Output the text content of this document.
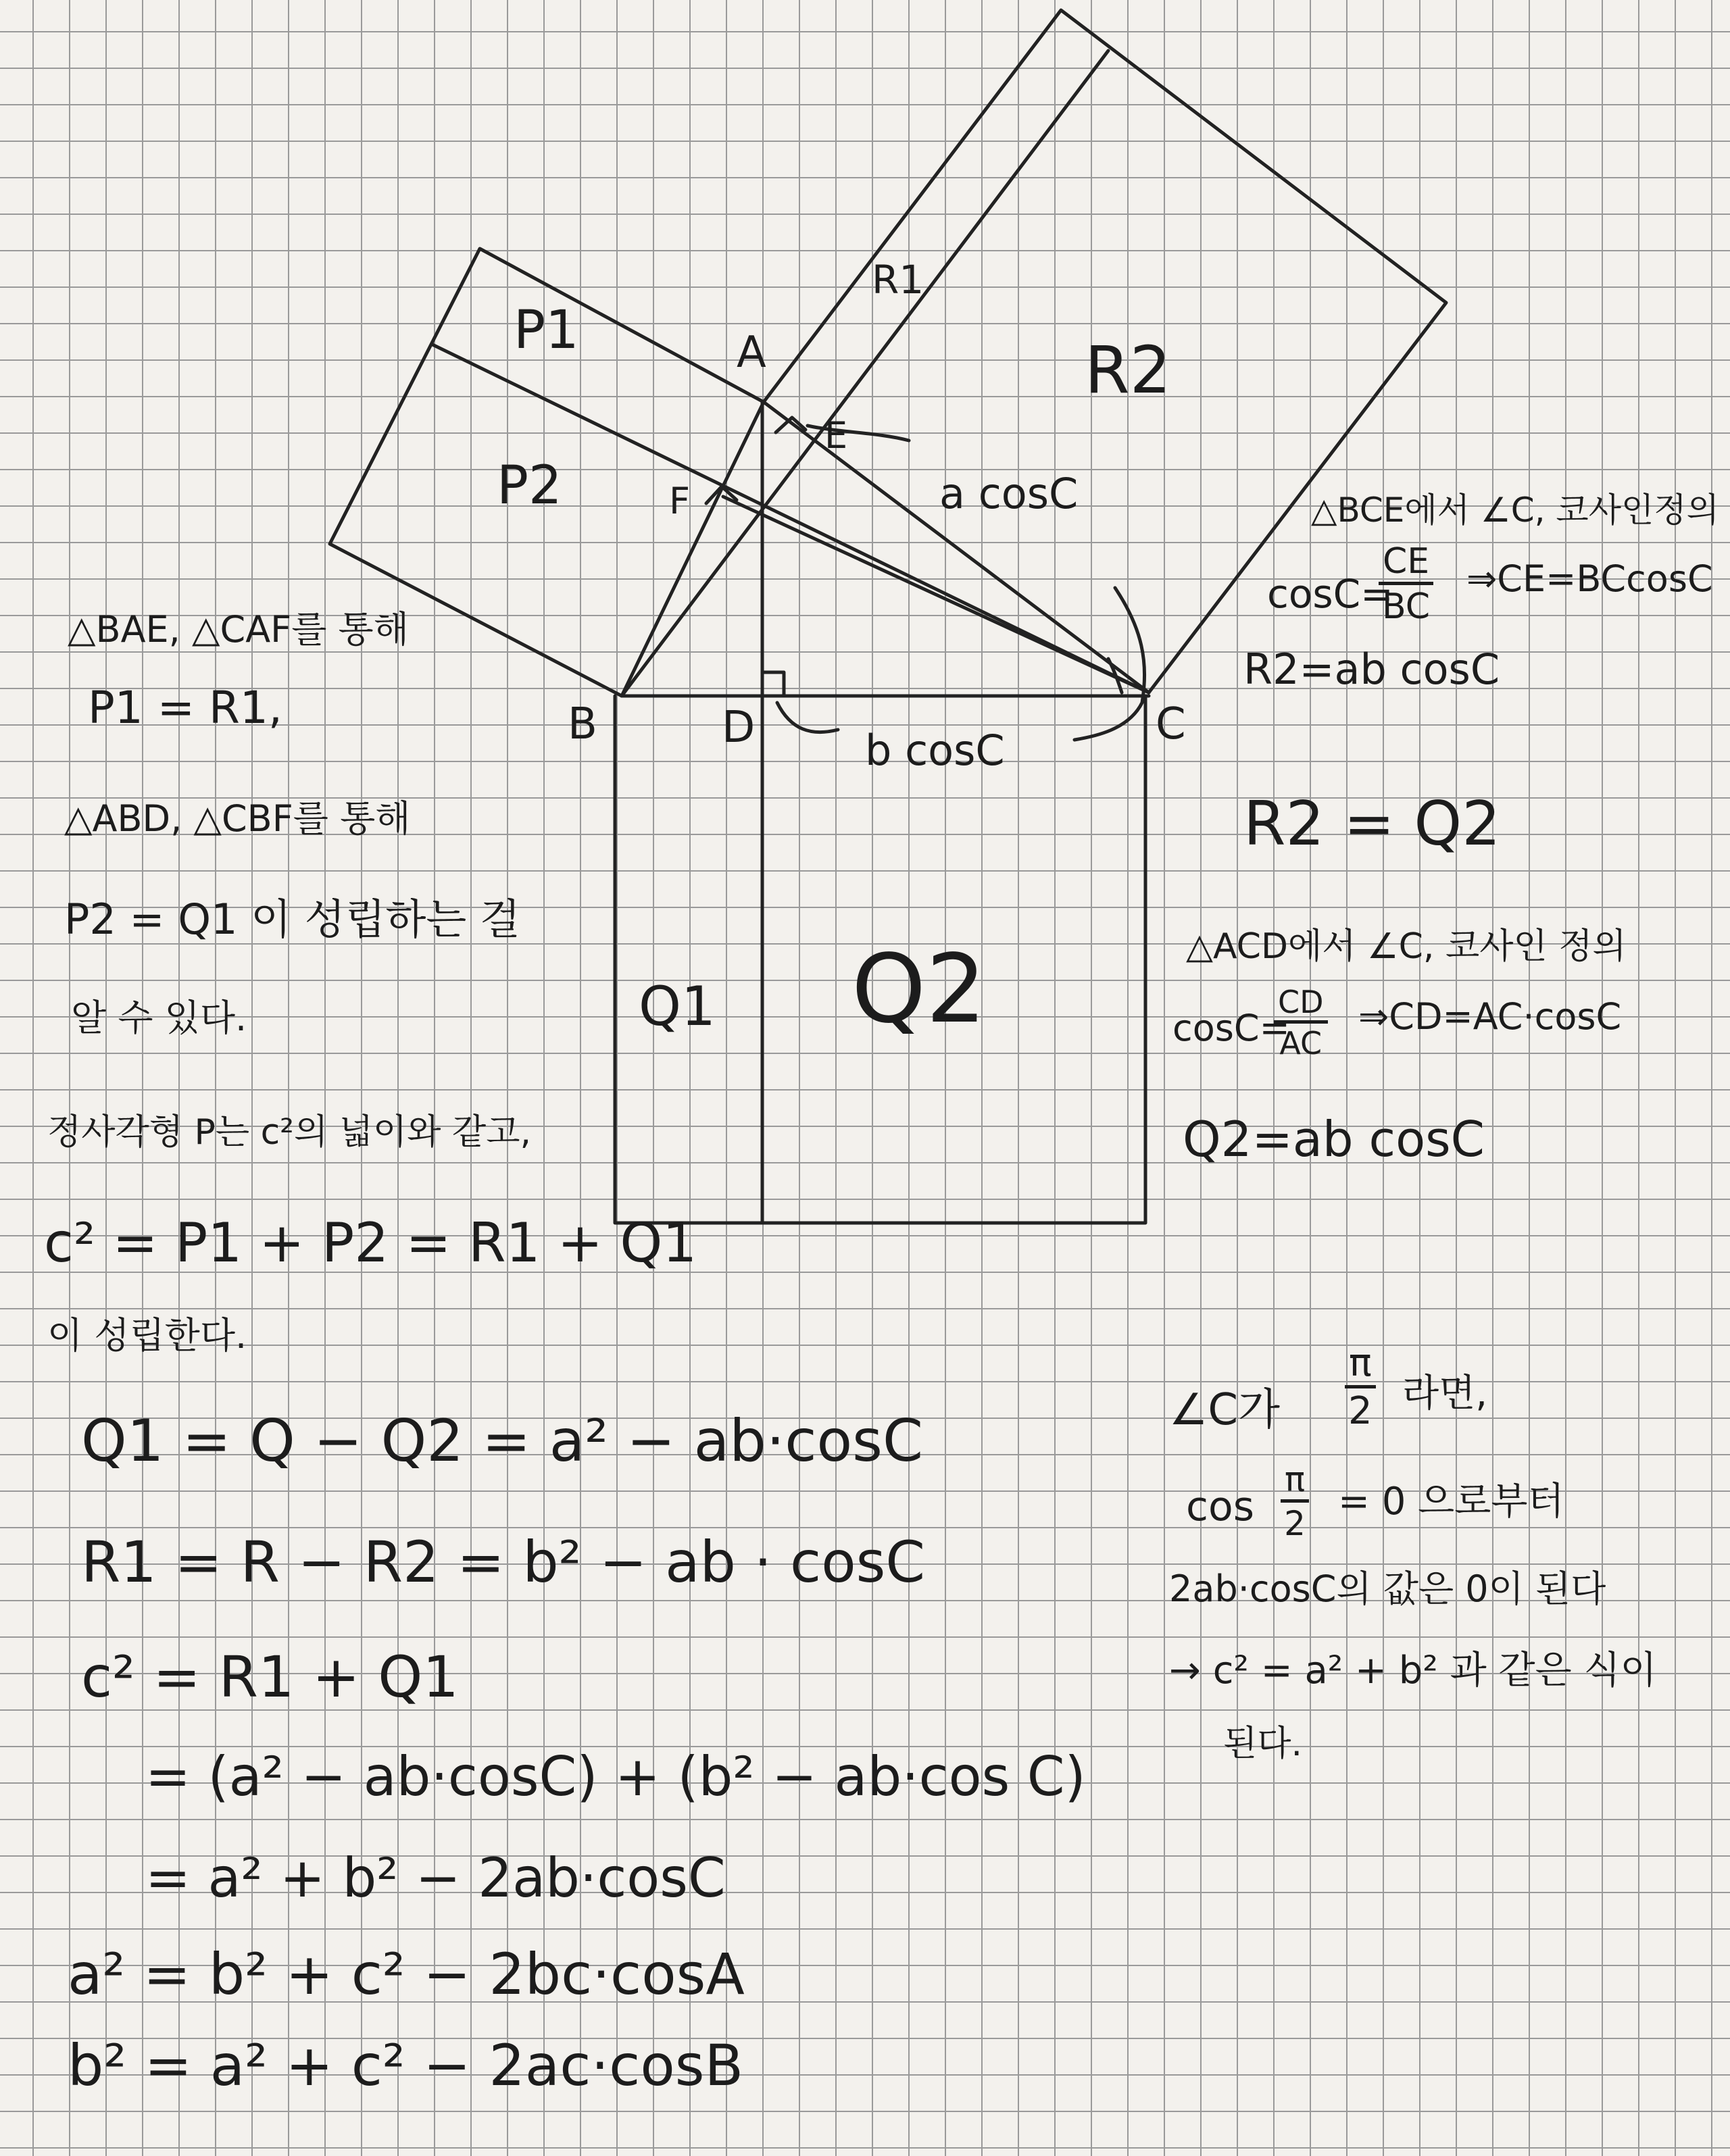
A

B	C

D

E

F

P1

P2

R1

R2

Q1 Q2

a cosC

b cosC

△BCE에서 ∠C, 코사인정의

cosC=

$\frac{CE}{BC}$ ⇒CE=BCcosC

R2=ab cosC

R2 = Q2

△ACD에서 ∠C, 코사인 정의

cosC=

$\frac{CD}{AC}$ ⇒CD=AC·cosC

Q2=ab cosC

△BAE, △CAF를 통해

P1 = R1,

△ABD, △CBF를 통해

P2 = Q1 이 성립하는 걸

알 수 있다.

정사각형 P는 c²의 넓이와 같고,

c² = P1 + P2 = R1 + Q1

이 성립한다.

Q1 = Q − Q2 = a² − ab·cosC

R1 = R − R2 = b² − ab · cosC

c² = R1 + Q1

= (a² − ab·cosC) + (b² − ab·cos C)

= a² + b² − 2ab·cosC

a² = b² + c² − 2bc·cosA

b² = a² + c² − 2ac·cosB

∠C가 $\frac{\pi}{2}$ 라면,

$\cos \frac{\pi}{2} = 0$ 으로부터

2ab·cosC의 값은 0이 된다

→ c² = a² + b² 과 같은 식이

된다.
